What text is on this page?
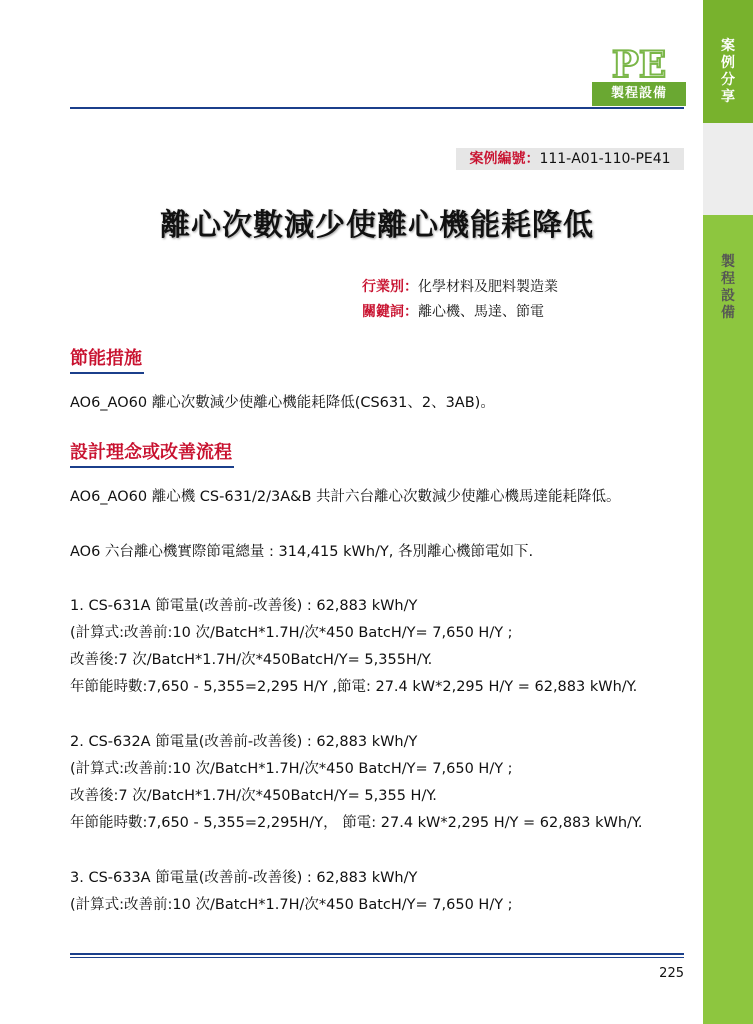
案例分享
製程設備
PE
製程設備
案例編號：111-A01-110-PE41
離心次數減少使離心機能耗降低
行業別：化學材料及肥料製造業
關鍵詞：離心機、馬達、節電
節能措施
AO6_AO60 離心次數減少使離心機能耗降低(CS631、2、3AB)。
設計理念或改善流程
AO6_AO60 離心機 CS-631/2/3A&B 共計六台離心次數減少使離心機馬達能耗降低。
AO6 六台離心機實際節電總量 : 314,415 kWh/Y, 各別離心機節電如下.
1. CS-631A 節電量(改善前-改善後) : 62,883 kWh/Y
(計算式:改善前:10 次/BatcH*1.7H/次*450 BatcH/Y= 7,650 H/Y ;
改善後:7 次/BatcH*1.7H/次*450BatcH/Y= 5,355H/Y.
年節能時數:7,650 - 5,355=2,295 H/Y ,節電: 27.4 kW*2,295 H/Y = 62,883 kWh/Y.
2. CS-632A 節電量(改善前-改善後) : 62,883 kWh/Y
(計算式:改善前:10 次/BatcH*1.7H/次*450 BatcH/Y= 7,650 H/Y ;
改善後:7 次/BatcH*1.7H/次*450BatcH/Y= 5,355 H/Y.
年節能時數:7,650 - 5,355=2,295H/Y， 節電: 27.4 kW*2,295 H/Y = 62,883 kWh/Y.
3. CS-633A 節電量(改善前-改善後) : 62,883 kWh/Y
(計算式:改善前:10 次/BatcH*1.7H/次*450 BatcH/Y= 7,650 H/Y ;
225
